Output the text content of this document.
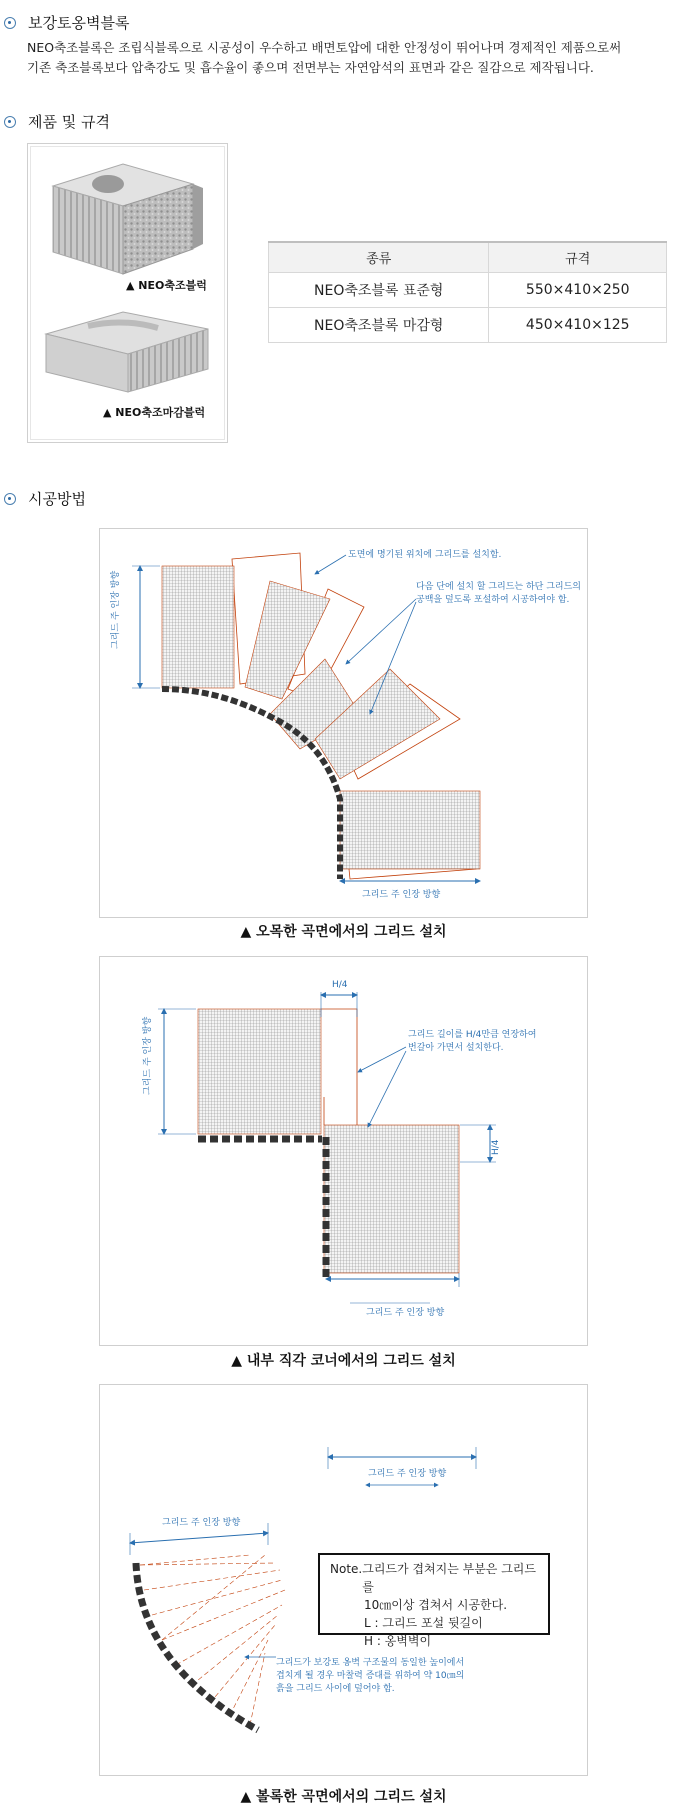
보강토옹벽블록
NEO축조블록은 조립식블록으로 시공성이 우수하고 배면토압에 대한 안정성이 뛰어나며 경제적인 제품으로써
기존 축조블록보다 압축강도 및 흡수율이 좋으며 전면부는 자연암석의 표면과 같은 질감으로 제작됩니다.
제품 및 규격
▲ NEO축조블럭
▲ NEO축조마감블럭
종류	규격
NEO축조블록 표준형	550×410×250
NEO축조블록 마감형	450×410×125
시공방법
그리드 주 인장 방향
그리드 주 인장 방향
도면에 명기된 위치에 그리드를 설치함.
다음 단에 설치 할 그리드는 하단 그리드의
공백을 덮도록 포설하여 시공하여야 함.
▲ 오목한 곡면에서의 그리드 설치
그리드 주 인장 방향
H/4
H/4
그리드 길이를 H/4만큼 연장하여
번갈아 가면서 설치한다.
그리드 주 인장 방향
▲ 내부 직각 코너에서의 그리드 설치
그리드 주 인장 방향
그리드 주 인장 방향
그리드가 보강토 옹벽 구조물의 동일한 높이에서
겹치게 될 경우 마찰력 증대를 위하여 약 10㎝의
흙을 그리드 사이에 덮어야 함.
Note. 그리드가 겹쳐지는 부분은 그리드를
10㎝이상 겹쳐서 시공한다.
L : 그리드 포설 뒷길이
H : 옹벽벽이
▲ 볼록한 곡면에서의 그리드 설치
